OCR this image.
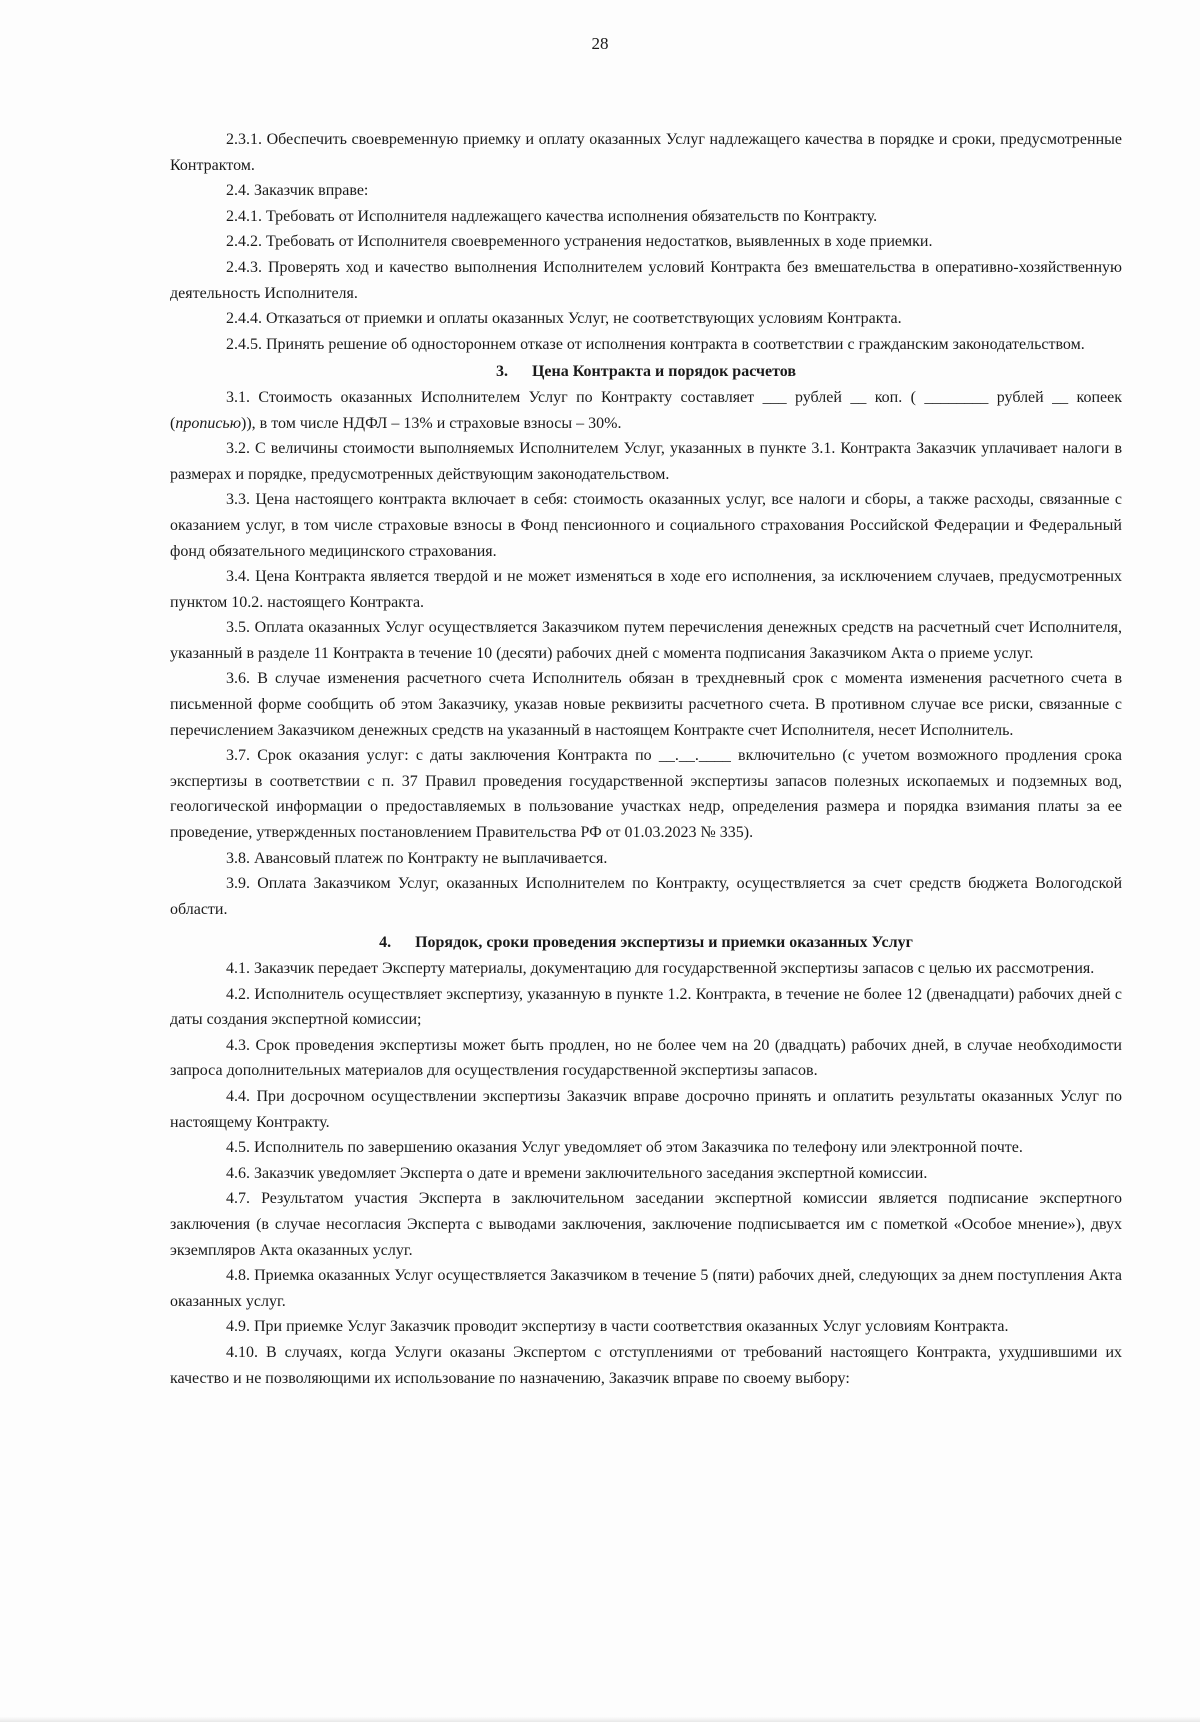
28

2.3.1. Обеспечить своевременную приемку и оплату оказанных Услуг надлежащего качества в порядке и сроки, предусмотренные Контрактом.

2.4. Заказчик вправе:

2.4.1. Требовать от Исполнителя надлежащего качества исполнения обязательств по Контракту.

2.4.2. Требовать от Исполнителя своевременного устранения недостатков, выявленных в ходе приемки.

2.4.3. Проверять ход и качество выполнения Исполнителем условий Контракта без вмешательства в оперативно-хозяйственную деятельность Исполнителя.

2.4.4. Отказаться от приемки и оплаты оказанных Услуг, не соответствующих условиям Контракта.

2.4.5. Принять решение об одностороннем отказе от исполнения контракта в соответствии с гражданским законодательством.

3. Цена Контракта и порядок расчетов

3.1. Стоимость оказанных Исполнителем Услуг по Контракту составляет ___ рублей __ коп. ( ________ рублей __ копеек (прописью)), в том числе НДФЛ – 13% и страховые взносы – 30%.

3.2. С величины стоимости выполняемых Исполнителем Услуг, указанных в пункте 3.1. Контракта Заказчик уплачивает налоги в размерах и порядке, предусмотренных действующим законодательством.

3.3. Цена настоящего контракта включает в себя: стоимость оказанных услуг, все налоги и сборы, а также расходы, связанные с оказанием услуг, в том числе страховые взносы в Фонд пенсионного и социального страхования Российской Федерации и Федеральный фонд обязательного медицинского страхования.

3.4. Цена Контракта является твердой и не может изменяться в ходе его исполнения, за исключением случаев, предусмотренных пунктом 10.2. настоящего Контракта.

3.5. Оплата оказанных Услуг осуществляется Заказчиком путем перечисления денежных средств на расчетный счет Исполнителя, указанный в разделе 11 Контракта в течение 10 (десяти) рабочих дней с момента подписания Заказчиком Акта о приеме услуг.

3.6. В случае изменения расчетного счета Исполнитель обязан в трехдневный срок с момента изменения расчетного счета в письменной форме сообщить об этом Заказчику, указав новые реквизиты расчетного счета. В противном случае все риски, связанные с перечислением Заказчиком денежных средств на указанный в настоящем Контракте счет Исполнителя, несет Исполнитель.

3.7. Срок оказания услуг: с даты заключения Контракта по __.__.____ включительно (с учетом возможного продления срока экспертизы в соответствии с п. 37 Правил проведения государственной экспертизы запасов полезных ископаемых и подземных вод, геологической информации о предоставляемых в пользование участках недр, определения размера и порядка взимания платы за ее проведение, утвержденных постановлением Правительства РФ от 01.03.2023 № 335).

3.8. Авансовый платеж по Контракту не выплачивается.

3.9. Оплата Заказчиком Услуг, оказанных Исполнителем по Контракту, осуществляется за счет средств бюджета Вологодской области.

4. Порядок, сроки проведения экспертизы и приемки оказанных Услуг

4.1. Заказчик передает Эксперту материалы, документацию для государственной экспертизы запасов с целью их рассмотрения.

4.2. Исполнитель осуществляет экспертизу, указанную в пункте 1.2. Контракта, в течение не более 12 (двенадцати) рабочих дней с даты создания экспертной комиссии;

4.3. Срок проведения экспертизы может быть продлен, но не более чем на 20 (двадцать) рабочих дней, в случае необходимости запроса дополнительных материалов для осуществления государственной экспертизы запасов.

4.4. При досрочном осуществлении экспертизы Заказчик вправе досрочно принять и оплатить результаты оказанных Услуг по настоящему Контракту.

4.5. Исполнитель по завершению оказания Услуг уведомляет об этом Заказчика по телефону или электронной почте.

4.6. Заказчик уведомляет Эксперта о дате и времени заключительного заседания экспертной комиссии.

4.7. Результатом участия Эксперта в заключительном заседании экспертной комиссии является подписание экспертного заключения (в случае несогласия Эксперта с выводами заключения, заключение подписывается им с пометкой «Особое мнение»), двух экземпляров Акта оказанных услуг.

4.8. Приемка оказанных Услуг осуществляется Заказчиком в течение 5 (пяти) рабочих дней, следующих за днем поступления Акта оказанных услуг.

4.9. При приемке Услуг Заказчик проводит экспертизу в части соответствия оказанных Услуг условиям Контракта.

4.10. В случаях, когда Услуги оказаны Экспертом с отступлениями от требований настоящего Контракта, ухудшившими их качество и не позволяющими их использование по назначению, Заказчик вправе по своему выбору:
